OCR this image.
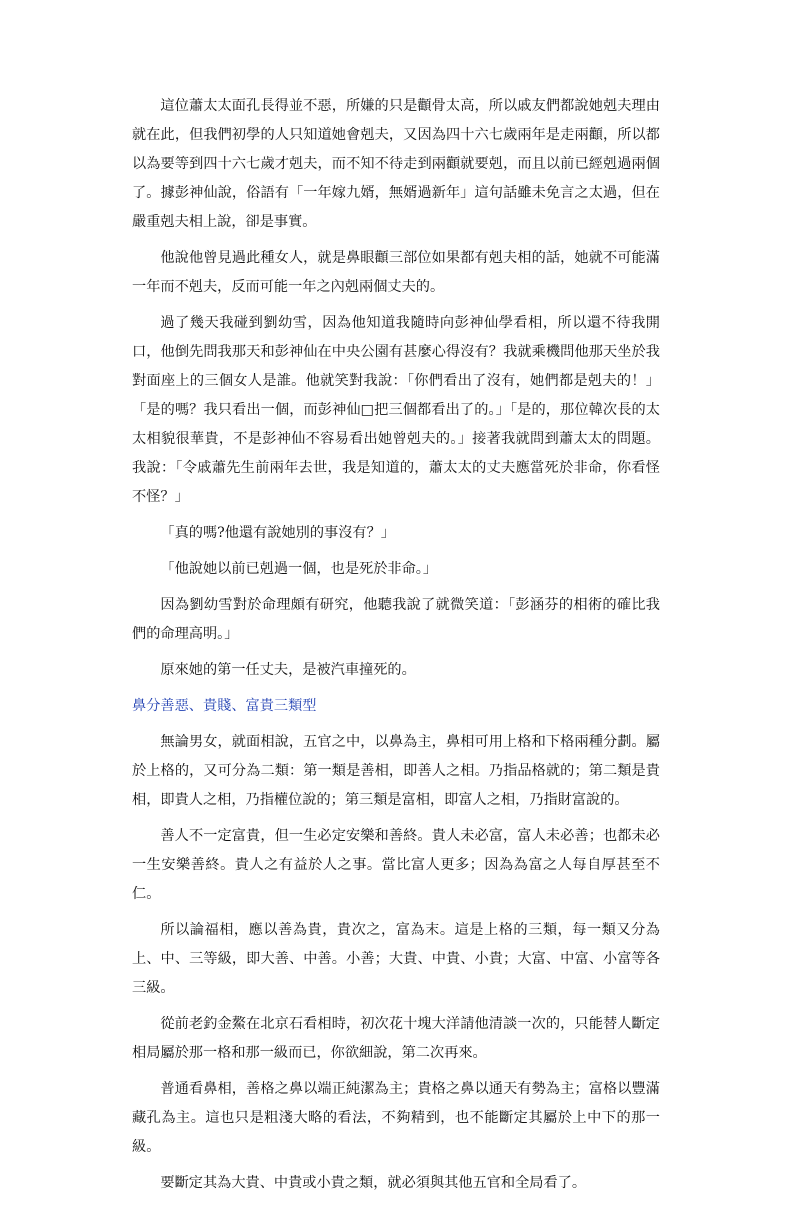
這位蕭太太面孔長得並不惡，所嫌的只是顴骨太高，所以戚友們都說她剋夫理由就在此，但我們初學的人只知道她會剋夫，又因為四十六七歲兩年是走兩顴，所以都以為要等到四十六七歲才剋夫，而不知不待走到兩顴就要剋，而且以前已經剋過兩個了。據彭神仙說，俗語有「一年嫁九婿，無婿過新年」這句話雖未免言之太過，但在嚴重剋夫相上說，卻是事實。

他說他曾見過此種女人，就是鼻眼顴三部位如果都有剋夫相的話，她就不可能滿一年而不剋夫，反而可能一年之內剋兩個丈夫的。

過了幾天我碰到劉幼雪，因為他知道我隨時向彭神仙學看相，所以還不待我開口，他倒先問我那天和彭神仙在中央公園有甚麼心得沒有？我就乘機問他那天坐於我對面座上的三個女人是誰。他就笑對我說：「你們看出了沒有，她們都是剋夫的！」「是的嗎？我只看出一個，而彭神仙□把三個都看出了的。」「是的，那位韓次長的太太相貌很華貴，不是彭神仙不容易看出她曾剋夫的。」接著我就問到蕭太太的問題。我說：「令戚蕭先生前兩年去世，我是知道的，蕭太太的丈夫應當死於非命，你看怪不怪？」

「真的嗎?他還有說她別的事沒有？」

「他說她以前已剋過一個，也是死於非命。」

因為劉幼雪對於命理頗有研究，他聽我說了就微笑道：「彭涵芬的相術的確比我們的命理高明。」

原來她的第一任丈夫，是被汽車撞死的。

鼻分善惡、貴賤、富貴三類型

無論男女，就面相說，五官之中，以鼻為主，鼻相可用上格和下格兩種分劃。屬於上格的，又可分為二類：第一類是善相，即善人之相。乃指品格就的；第二類是貴相，即貴人之相，乃指權位說的；第三類是富相，即富人之相，乃指財富說的。

善人不一定富貴，但一生必定安樂和善終。貴人未必富，富人未必善；也都未必一生安樂善終。貴人之有益於人之事。當比富人更多；因為為富之人每自厚甚至不仁。

所以論福相，應以善為貴，貴次之，富為末。這是上格的三類，每一類又分為上、中、三等級，即大善、中善。小善；大貴、中貴、小貴；大富、中富、小富等各三級。

從前老釣金鰲在北京石看相時，初次花十塊大洋請他清談一次的，只能替人斷定相局屬於那一格和那一級而已，你欲細說，第二次再來。

普通看鼻相，善格之鼻以端正純潔為主；貴格之鼻以通天有勢為主；富格以豐滿藏孔為主。這也只是粗淺大略的看法，不夠精到，也不能斷定其屬於上中下的那一級。

要斷定其為大貴、中貴或小貴之類，就必須與其他五官和全局看了。
